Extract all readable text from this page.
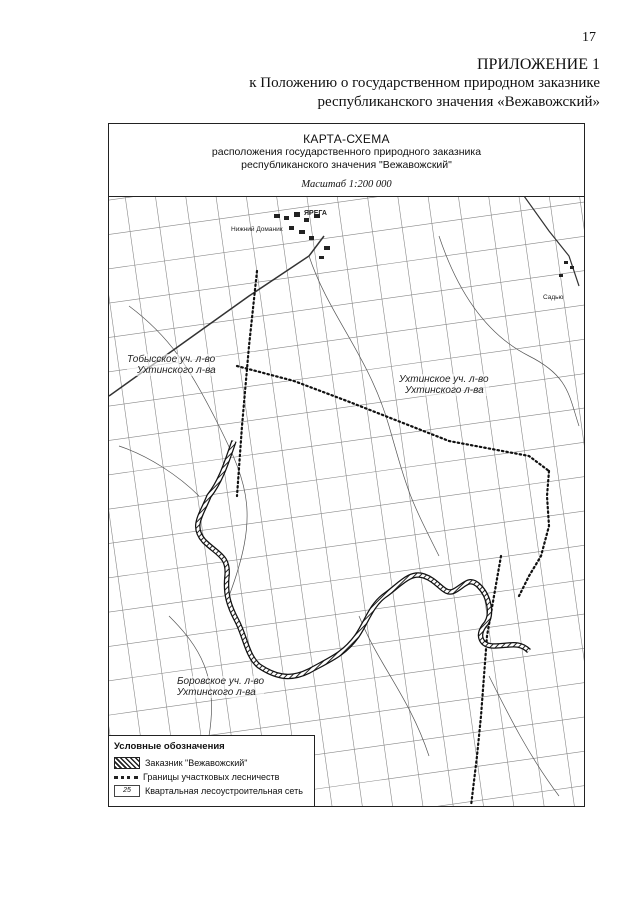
17
ПРИЛОЖЕНИЕ 1
к Положению о государственном природном заказнике
республиканского значения «Вежавожский»
КАРТА-СХЕМА
расположения государственного природного заказника
республиканского значения "Вежавожский"
Масштаб 1:200 000
ЯРЕГА
Нижний Доманик
Садью
Тобысское уч. л-во
Ухтинского л-ва
Ухтинское уч. л-во
Ухтинского л-ва
Боровское уч. л-во
Ухтинского л-ва
Условные обозначения
Заказник "Вежавожский"
Границы участковых лесничеств
25	Квартальная лесоустроительная сеть
